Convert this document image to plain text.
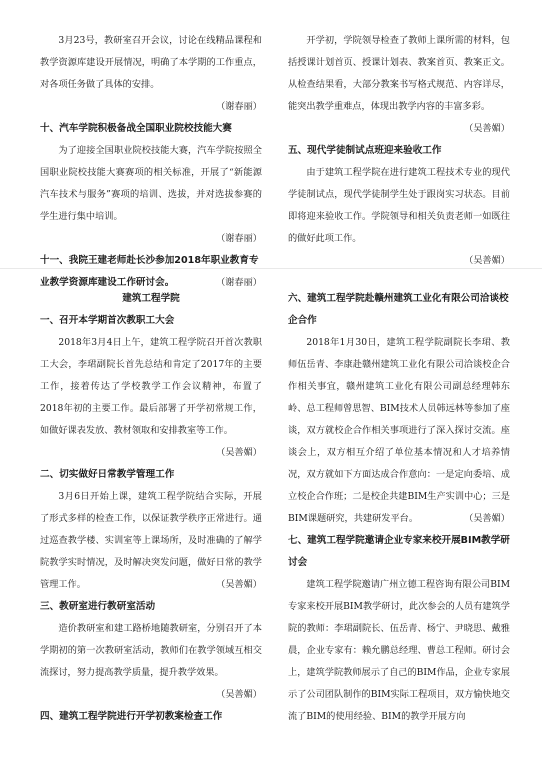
3月23号，教研室召开会议，讨论在线精品课程和教学资源库建设开展情况，明确了本学期的工作重点，对各项任务做了具体的安排。

（谢春丽）

十、汽车学院积极备战全国职业院校技能大赛

为了迎接全国职业院校技能大赛，汽车学院按照全国职业院校技能大赛赛项的相关标准，开展了“新能源汽车技术与服务”赛项的培训、选拔，并对选拔参赛的学生进行集中培训。

（谢春丽）

十一、我院王建老师赴长沙参加2018年职业教育专业教学资源库建设工作研讨会。	（谢春丽）

开学初，学院领导检查了教师上课所需的材料，包括授课计划首页、授课计划表、教案首页、教案正文。从检查结果看，大部分教案书写格式规范、内容详尽，能突出教学重难点，体现出教学内容的丰富多彩。

（吴善媚）

五、现代学徒制试点班迎来验收工作

由于建筑工程学院在进行建筑工程技术专业的现代学徒制试点，现代学徒制学生处于跟岗实习状态。目前即将迎来验收工作。学院领导和相关负责老师一如既往的做好此项工作。

（吴善媚）

建筑工程学院

一、召开本学期首次教职工大会

2018年3月4日上午，建筑工程学院召开首次教职工大会，李珺副院长首先总结和肯定了2017年的主要工作，接着传达了学校教学工作会议精神，布置了2018年初的主要工作。最后部署了开学初常规工作，如做好课表发放、教材领取和安排教室等工作。

（吴善媚）

二、切实做好日常教学管理工作

3月6日开始上课，建筑工程学院结合实际，开展了形式多样的检查工作，以保证教学秩序正常进行。通过巡查教学楼、实训室等上课场所，及时准确的了解学院教学实时情况，及时解决突发问题，做好日常的教学管理工作。	（吴善媚）

三、教研室进行教研室活动

造价教研室和建工路桥地随教研室，分别召开了本学期初的第一次教研室活动，教师们在教学领域互相交流探讨，努力提高教学质量，提升教学效果。

（吴善媚）

四、建筑工程学院进行开学初教案检查工作

六、建筑工程学院赴赣州建筑工业化有限公司洽谈校企合作

2018年1月30日，建筑工程学院副院长李珺、教师伍岳青、李康赴赣州建筑工业化有限公司洽谈校企合作相关事宜，赣州建筑工业化有限公司副总经理韩东岭、总工程师曾思智、BIM技术人员韩远林等参加了座谈，双方就校企合作相关事项进行了深入探讨交流。座谈会上，双方相互介绍了单位基本情况和人才培养情况，双方就如下方面达成合作意向：一是定向委培、成立校企合作班；二是校企共建BIM生产实训中心；三是BIM课题研究，共建研发平台。	（吴善媚）

七、建筑工程学院邀请企业专家来校开展BIM教学研讨会

建筑工程学院邀请广州立德工程咨询有限公司BIM专家来校开展BIM教学研讨，此次参会的人员有建筑学院的教师：李珺副院长、伍岳青、杨宁、尹晓思、戴雅晨，企业专家有：赖允鹏总经理、曹总工程师。研讨会上，建筑学院教师展示了自己的BIM作品，企业专家展示了公司团队制作的BIM实际工程项目，双方愉快地交流了BIM的使用经验、BIM的教学开展方向
